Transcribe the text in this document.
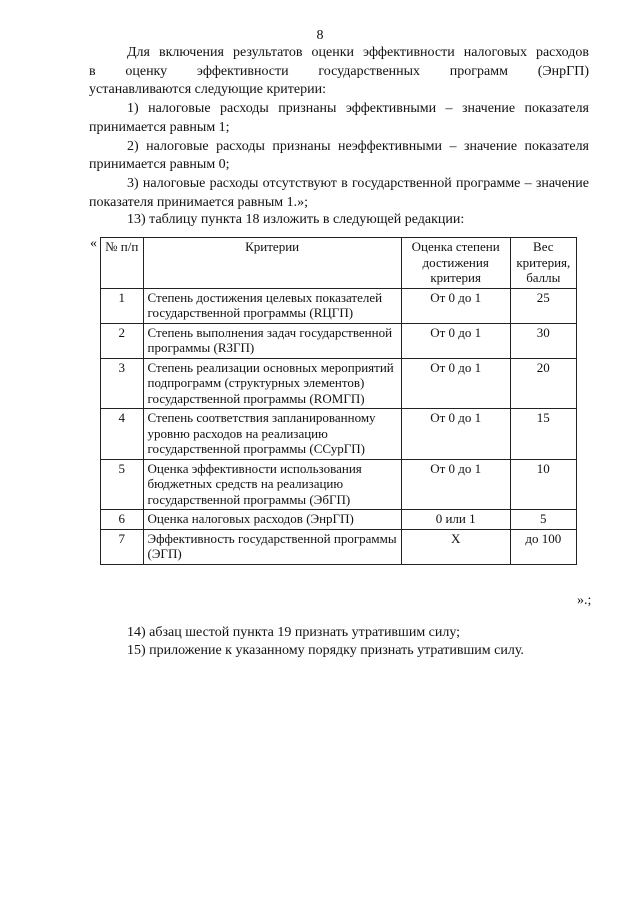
8

Для включения результатов оценки эффективности налоговых расходов

в оценку эффективности государственных программ (ЭнрГП)

устанавливаются следующие критерии:

1) налоговые расходы признаны эффективными – значение показателя принимается равным 1;

2) налоговые расходы признаны неэффективными – значение показателя принимается равным 0;

3) налоговые расходы отсутствуют в государственной программе – значение показателя принимается равным 1.»;

13) таблицу пункта 18 изложить в следующей редакции:
« № п/п	Критерии	Оценка степени достижения критерия	Вес критерия, баллы
1	Степень достижения целевых показателей государственной программы (RЦГП)	От 0 до 1	25
2	Степень выполнения задач государственной программы (RЗГП)	От 0 до 1	30
3	Степень реализации основных мероприятий подпрограмм (структурных элементов) государственной программы (RОМГП)	От 0 до 1	20
4	Степень соответствия запланированному уровню расходов на реализацию государственной программы (ССурГП)	От 0 до 1	15
5	Оценка эффективности использования бюджетных средств на реализацию государственной программы (ЭбГП)	От 0 до 1	10
6	Оценка налоговых расходов (ЭнрГП)	0 или 1	5
7	Эффективность государственной программы (ЭГП)	Х	до 100
».;

14) абзац шестой пункта 19 признать утратившим силу;

15) приложение к указанному порядку признать утратившим силу.
